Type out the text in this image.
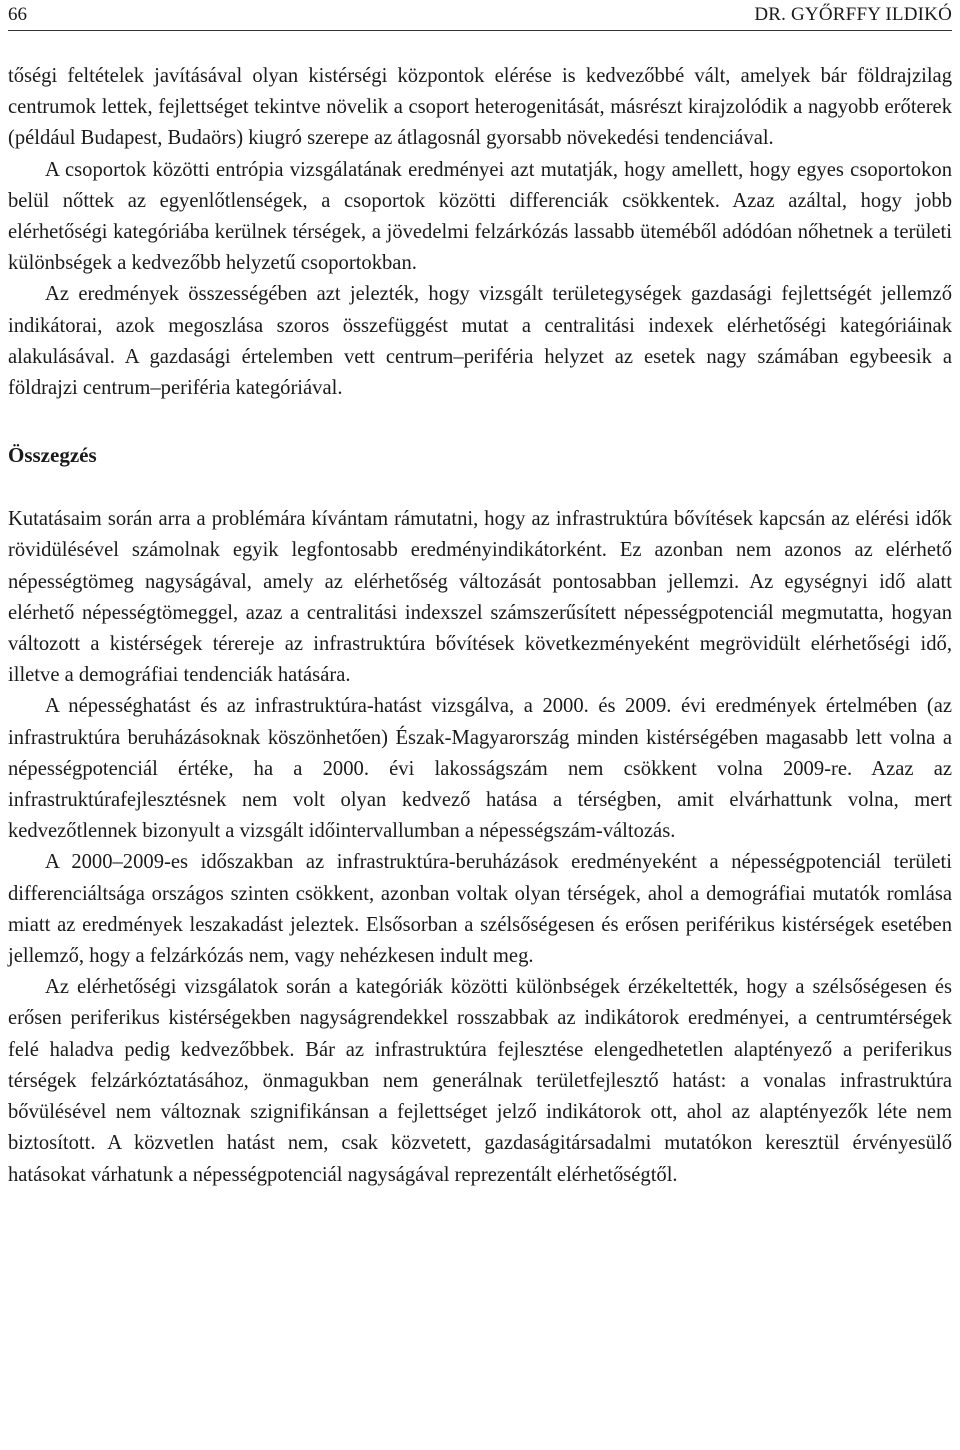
66	DR. GYŐRFFY ILDIKÓ

tőségi feltételek javításával olyan kistérségi központok elérése is kedvezőbbé vált, amelyek bár földrajzilag centrumok lettek, fejlettséget tekintve növelik a csoport heterogenitását, másrészt kirajzolódik a nagyobb erőterek (például Budapest, Budaörs) kiugró szerepe az átlagosnál gyorsabb növekedési tendenciával.

A csoportok közötti entrópia vizsgálatának eredményei azt mutatják, hogy amellett, hogy egyes csoportokon belül nőttek az egyenlőtlenségek, a csoportok közötti differenciák csökkentek. Azaz azáltal, hogy jobb elérhetőségi kategóriába kerülnek térségek, a jövedelmi felzárkózás lassabb üteméből adódóan nőhetnek a területi különbségek a kedvezőbb helyzetű csoportokban.

Az eredmények összességében azt jelezték, hogy vizsgált területegységek gazdasági fejlettségét jellemző indikátorai, azok megoszlása szoros összefüggést mutat a centralitási indexek elérhetőségi kategóriáinak alakulásával. A gazdasági értelemben vett centrum–periféria helyzet az esetek nagy számában egybeesik a földrajzi centrum–periféria kategóriával.

Összegzés

Kutatásaim során arra a problémára kívántam rámutatni, hogy az infrastruktúra bővítések kapcsán az elérési idők rövidülésével számolnak egyik legfontosabb eredményindikátorként. Ez azonban nem azonos az elérhető népességtömeg nagyságával, amely az elérhetőség változását pontosabban jellemzi. Az egységnyi idő alatt elérhető népességtömeggel, azaz a centralitási indexszel számszerűsített népességpotenciál megmutatta, hogyan változott a kistérségek térereje az infrastruktúra bővítések következményeként megrövidült elérhetőségi idő, illetve a demográfiai tendenciák hatására.

A népességhatást és az infrastruktúra-hatást vizsgálva, a 2000. és 2009. évi eredmények értelmében (az infrastruktúra beruházásoknak köszönhetően) Észak-Magyarország minden kistérségében magasabb lett volna a népességpotenciál értéke, ha a 2000. évi lakosságszám nem csökkent volna 2009-re. Azaz az infrastruktúrafejlesztésnek nem volt olyan kedvező hatása a térségben, amit elvárhattunk volna, mert kedvezőtlennek bizonyult a vizsgált időintervallumban a népességszám-változás.

A 2000–2009-es időszakban az infrastruktúra-beruházások eredményeként a népességpotenciál területi differenciáltsága országos szinten csökkent, azonban voltak olyan térségek, ahol a demográfiai mutatók romlása miatt az eredmények leszakadást jeleztek. Elsősorban a szélsőségesen és erősen periférikus kistérségek esetében jellemző, hogy a felzárkózás nem, vagy nehézkesen indult meg.

Az elérhetőségi vizsgálatok során a kategóriák közötti különbségek érzékeltették, hogy a szélsőségesen és erősen periferikus kistérségekben nagyságrendekkel rosszabbak az indikátorok eredményei, a centrumtérségek felé haladva pedig kedvezőbbek. Bár az infrastruktúra fejlesztése elengedhetetlen alaptényező a periferikus térségek felzárkóztatásához, önmagukban nem generálnak területfejlesztő hatást: a vonalas infrastruktúra bővülésével nem változnak szignifikánsan a fejlettséget jelző indikátorok ott, ahol az alaptényezők léte nem biztosított. A közvetlen hatást nem, csak közvetett, gazdaságitársadalmi mutatókon keresztül érvényesülő hatásokat várhatunk a népességpotenciál nagyságával reprezentált elérhetőségtől.
